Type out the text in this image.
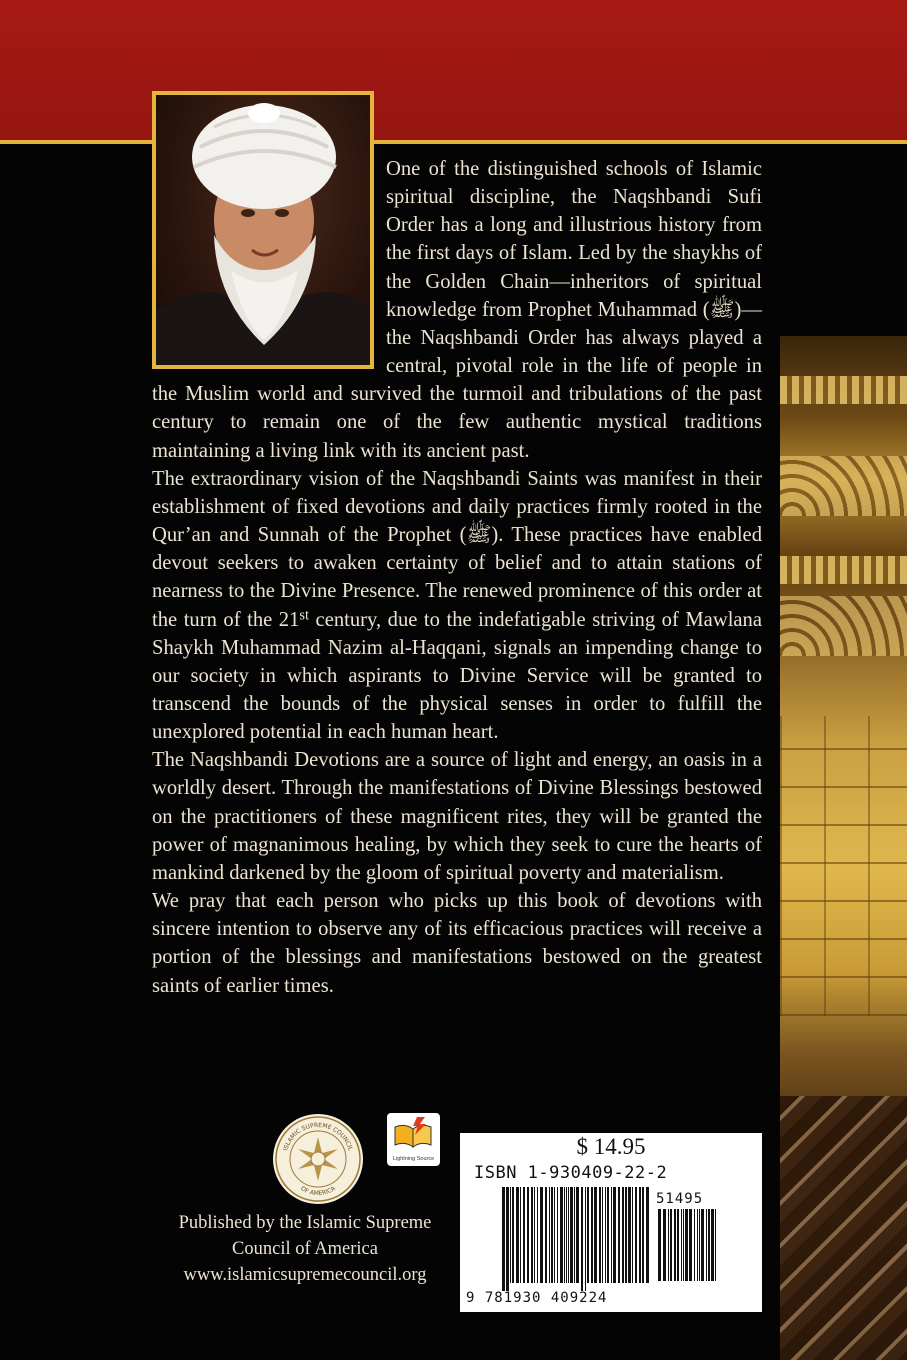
One of the distinguished schools of Islamic spiritual discipline, the Naqshbandi Sufi Order has a long and illustrious history from the first days of Islam. Led by the shaykhs of the Golden Chain—inheritors of spiritual knowledge from Prophet Muhammad (ﷺ)—the Naqshbandi Order has always played a central, pivotal role in the life of people in the Muslim world and survived the turmoil and tribulations of the past century to remain one of the few authentic mystical traditions maintaining a living link with its ancient past.

The extraordinary vision of the Naqshbandi Saints was manifest in their establishment of fixed devotions and daily practices firmly rooted in the Qur’an and Sunnah of the Prophet (ﷺ). These practices have enabled devout seekers to awaken certainty of belief and to attain stations of nearness to the Divine Presence. The renewed prominence of this order at the turn of the 21st century, due to the indefatigable striving of Mawlana Shaykh Muhammad Nazim al-Haqqani, signals an impending change to our society in which aspirants to Divine Service will be granted to transcend the bounds of the physical senses in order to fulfill the unexplored potential in each human heart.

The Naqshbandi Devotions are a source of light and energy, an oasis in a worldly desert. Through the manifestations of Divine Blessings bestowed on the practitioners of these magnificent rites, they will be granted the power of magnanimous healing, by which they seek to cure the hearts of mankind darkened by the gloom of spiritual poverty and materialism.

We pray that each person who picks up this book of devotions with sincere intention to observe any of its efficacious practices will receive a portion of the blessings and manifestations bestowed on the greatest saints of earlier times.

ISLAMIC SUPREME COUNCIL
OF AMERICA
Lightning Source
Published by the Islamic Supreme
Council of America
www.islamicsupremecouncil.org
$ 14.95
ISBN 1-930409-22-2
51495
9 781930 409224
